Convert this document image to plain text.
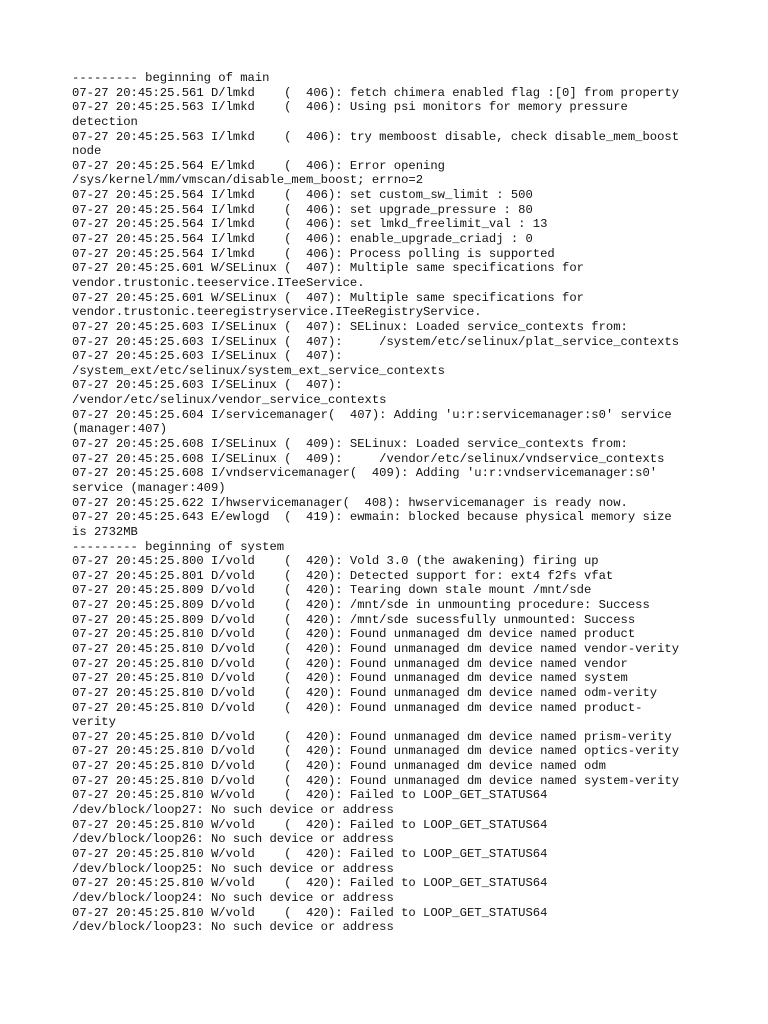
--------- beginning of main
07-27 20:45:25.561 D/lmkd    (  406): fetch chimera enabled flag :[0] from property
07-27 20:45:25.563 I/lmkd    (  406): Using psi monitors for memory pressure
detection
07-27 20:45:25.563 I/lmkd    (  406): try memboost disable, check disable_mem_boost
node
07-27 20:45:25.564 E/lmkd    (  406): Error opening
/sys/kernel/mm/vmscan/disable_mem_boost; errno=2
07-27 20:45:25.564 I/lmkd    (  406): set custom_sw_limit : 500
07-27 20:45:25.564 I/lmkd    (  406): set upgrade_pressure : 80
07-27 20:45:25.564 I/lmkd    (  406): set lmkd_freelimit_val : 13
07-27 20:45:25.564 I/lmkd    (  406): enable_upgrade_criadj : 0
07-27 20:45:25.564 I/lmkd    (  406): Process polling is supported
07-27 20:45:25.601 W/SELinux (  407): Multiple same specifications for
vendor.trustonic.teeservice.ITeeService.
07-27 20:45:25.601 W/SELinux (  407): Multiple same specifications for
vendor.trustonic.teeregistryservice.ITeeRegistryService.
07-27 20:45:25.603 I/SELinux (  407): SELinux: Loaded service_contexts from:
07-27 20:45:25.603 I/SELinux (  407):     /system/etc/selinux/plat_service_contexts
07-27 20:45:25.603 I/SELinux (  407):
/system_ext/etc/selinux/system_ext_service_contexts
07-27 20:45:25.603 I/SELinux (  407):
/vendor/etc/selinux/vendor_service_contexts
07-27 20:45:25.604 I/servicemanager(  407): Adding 'u:r:servicemanager:s0' service
(manager:407)
07-27 20:45:25.608 I/SELinux (  409): SELinux: Loaded service_contexts from:
07-27 20:45:25.608 I/SELinux (  409):     /vendor/etc/selinux/vndservice_contexts
07-27 20:45:25.608 I/vndservicemanager(  409): Adding 'u:r:vndservicemanager:s0'
service (manager:409)
07-27 20:45:25.622 I/hwservicemanager(  408): hwservicemanager is ready now.
07-27 20:45:25.643 E/ewlogd  (  419): ewmain: blocked because physical memory size
is 2732MB
--------- beginning of system
07-27 20:45:25.800 I/vold    (  420): Vold 3.0 (the awakening) firing up
07-27 20:45:25.801 D/vold    (  420): Detected support for: ext4 f2fs vfat
07-27 20:45:25.809 D/vold    (  420): Tearing down stale mount /mnt/sde
07-27 20:45:25.809 D/vold    (  420): /mnt/sde in unmounting procedure: Success
07-27 20:45:25.809 D/vold    (  420): /mnt/sde sucessfully unmounted: Success
07-27 20:45:25.810 D/vold    (  420): Found unmanaged dm device named product
07-27 20:45:25.810 D/vold    (  420): Found unmanaged dm device named vendor-verity
07-27 20:45:25.810 D/vold    (  420): Found unmanaged dm device named vendor
07-27 20:45:25.810 D/vold    (  420): Found unmanaged dm device named system
07-27 20:45:25.810 D/vold    (  420): Found unmanaged dm device named odm-verity
07-27 20:45:25.810 D/vold    (  420): Found unmanaged dm device named product-
verity
07-27 20:45:25.810 D/vold    (  420): Found unmanaged dm device named prism-verity
07-27 20:45:25.810 D/vold    (  420): Found unmanaged dm device named optics-verity
07-27 20:45:25.810 D/vold    (  420): Found unmanaged dm device named odm
07-27 20:45:25.810 D/vold    (  420): Found unmanaged dm device named system-verity
07-27 20:45:25.810 W/vold    (  420): Failed to LOOP_GET_STATUS64
/dev/block/loop27: No such device or address
07-27 20:45:25.810 W/vold    (  420): Failed to LOOP_GET_STATUS64
/dev/block/loop26: No such device or address
07-27 20:45:25.810 W/vold    (  420): Failed to LOOP_GET_STATUS64
/dev/block/loop25: No such device or address
07-27 20:45:25.810 W/vold    (  420): Failed to LOOP_GET_STATUS64
/dev/block/loop24: No such device or address
07-27 20:45:25.810 W/vold    (  420): Failed to LOOP_GET_STATUS64
/dev/block/loop23: No such device or address
